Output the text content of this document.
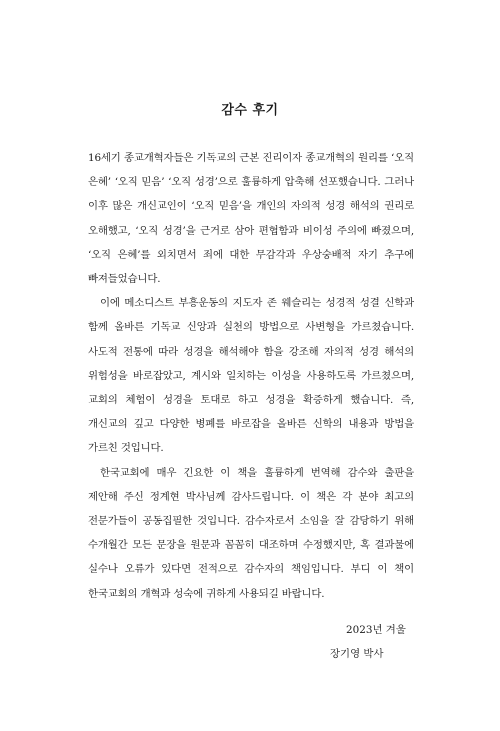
감수 후기

16세기 종교개혁자들은 기독교의 근본 진리이자 종교개혁의 원리를 ‘오직 은혜’ ‘오직 믿음’ ‘오직 성경’으로 훌륭하게 압축해 선포했습니다. 그러나 이후 많은 개신교인이 ‘오직 믿음’을 개인의 자의적 성경 해석의 권리로 오해했고, ‘오직 성경’을 근거로 삼아 편협함과 비이성 주의에 빠졌으며, ‘오직 은혜’를 외치면서 죄에 대한 무감각과 우상숭배적 자기 추구에 빠져들었습니다.

이에 메소디스트 부흥운동의 지도자 존 웨슬리는 성경적 성결 신학과 함께 올바른 기독교 신앙과 실천의 방법으로 사변형을 가르쳤습니다. 사도적 전통에 따라 성경을 해석해야 함을 강조해 자의적 성경 해석의 위험성을 바로잡았고, 계시와 일치하는 이성을 사용하도록 가르쳤으며, 교회의 체험이 성경을 토대로 하고 성경을 확증하게 했습니다. 즉, 개신교의 깊고 다양한 병폐를 바로잡을 올바른 신학의 내용과 방법을 가르친 것입니다.

한국교회에 매우 긴요한 이 책을 훌륭하게 번역해 감수와 출판을 제안해 주신 정계현 박사님께 감사드립니다. 이 책은 각 분야 최고의 전문가들이 공동집필한 것입니다. 감수자로서 소임을 잘 감당하기 위해 수개월간 모든 문장을 원문과 꼼꼼히 대조하며 수정했지만, 혹 결과물에 실수나 오류가 있다면 전적으로 감수자의 책임입니다. 부디 이 책이 한국교회의 개혁과 성숙에 귀하게 사용되길 바랍니다.

2023년 겨울
장기영 박사
